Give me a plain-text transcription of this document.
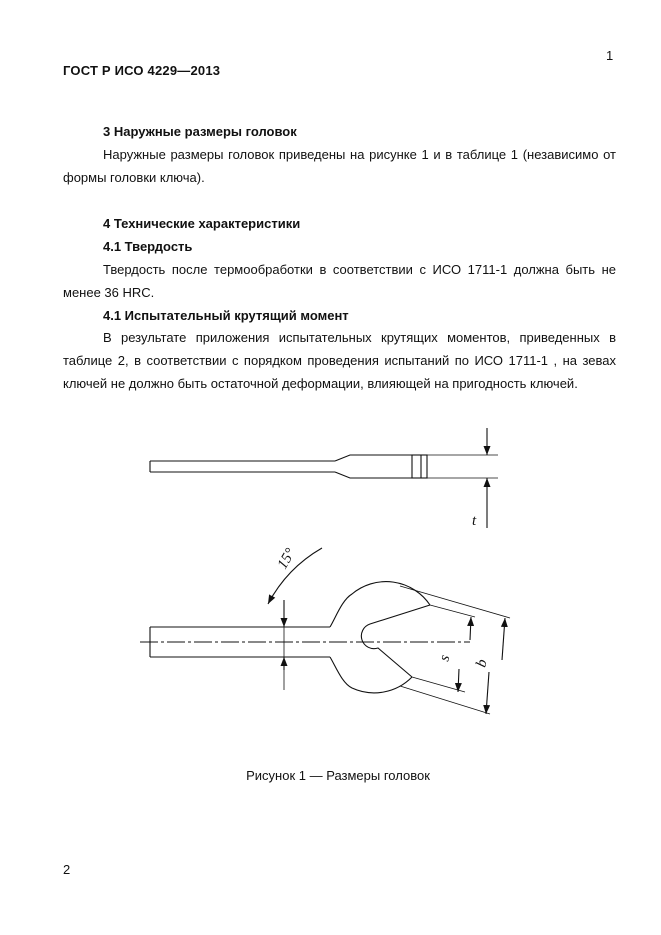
1
ГОСТ Р ИСО 4229—2013
3 Наружные размеры головок
Наружные размеры головок приведены на рисунке 1 и в таблице 1 (независимо от формы головки ключа).
4 Технические характеристики
4.1 Твердость
Твердость после термообработки в соответствии с ИСО 1711-1 должна быть не менее 36 HRC.
4.1 Испытательный крутящий момент
В результате приложения испытательных крутящих моментов, приведенных в таблице 2, в соответствии с порядком проведения испытаний по ИСО 1711-1 , на зевах ключей не должно быть остаточной деформации, влияющей на пригодность ключей.
t
15°
s b
Рисунок 1 — Размеры головок
2
